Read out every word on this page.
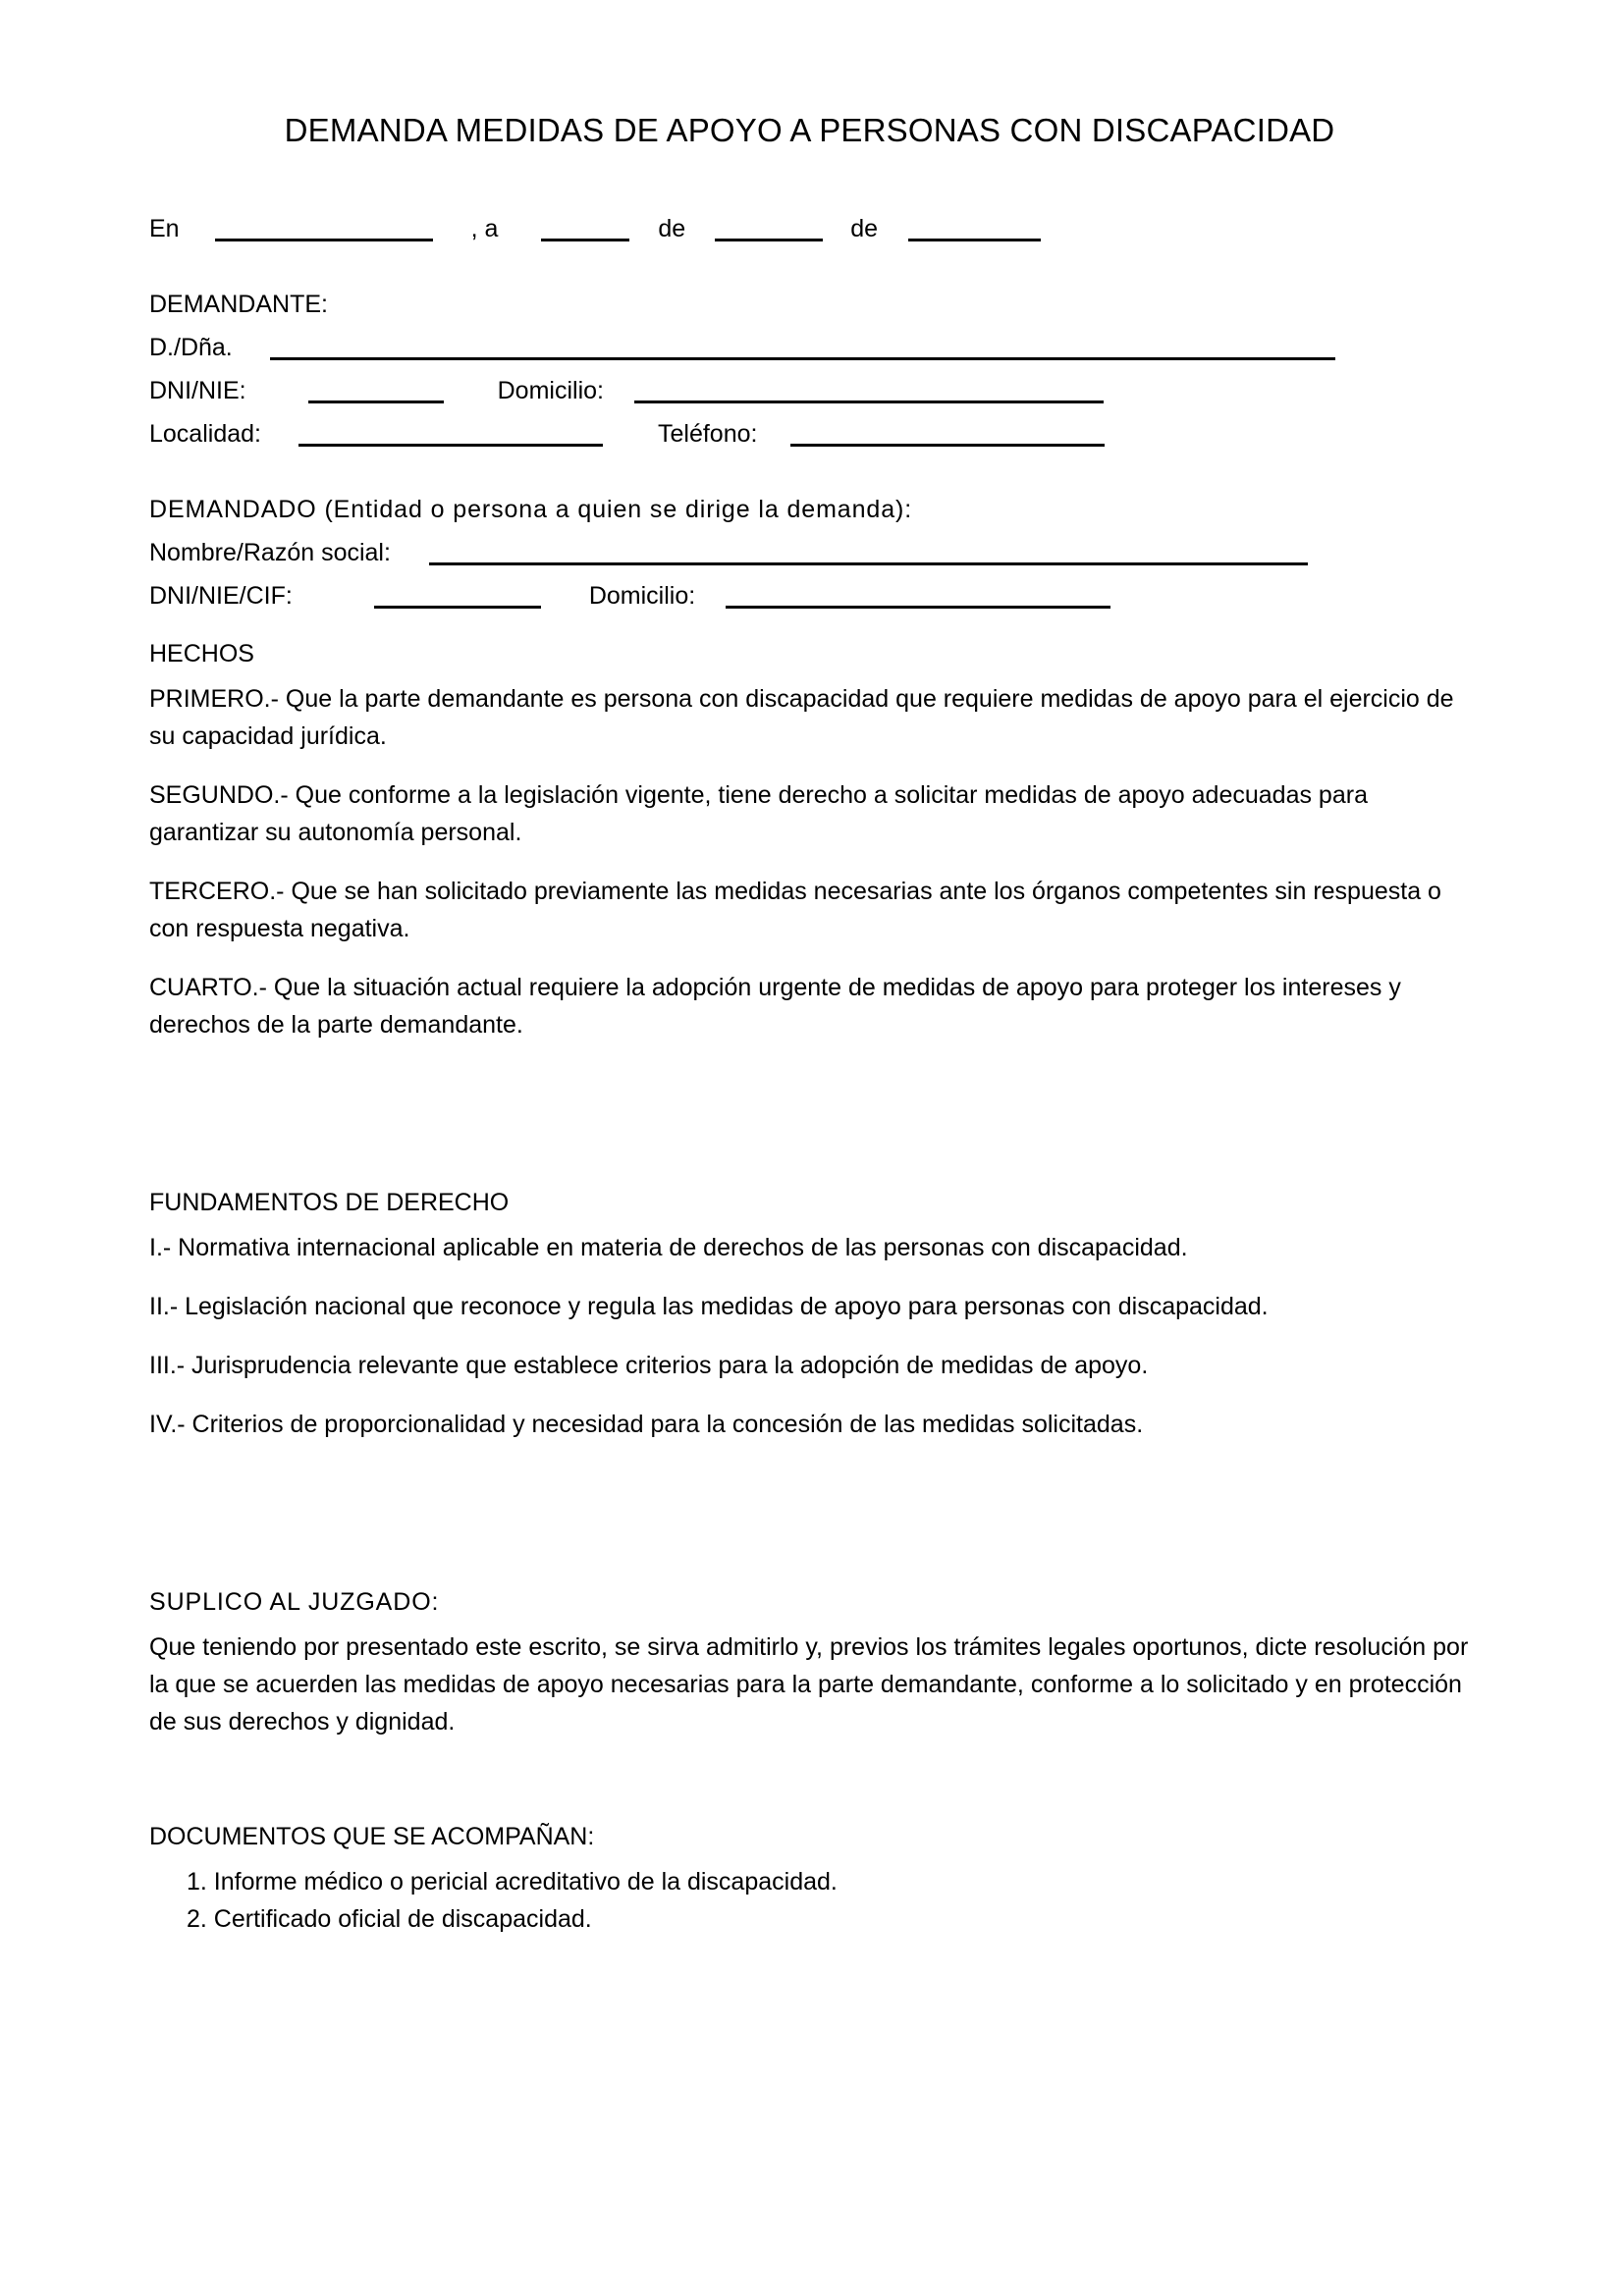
DEMANDA MEDIDAS DE APOYO A PERSONAS CON DISCAPACIDAD
En	, a	de	de
DEMANDANTE:
D./Dña.
DNI/NIE:	Domicilio:
Localidad:	Teléfono:
DEMANDADO (Entidad o persona a quien se dirige la demanda):
Nombre/Razón social:
DNI/NIE/CIF:	Domicilio:
HECHOS

PRIMERO.- Que la parte demandante es persona con discapacidad que requiere medidas de apoyo para el ejercicio de su capacidad jurídica.

SEGUNDO.- Que conforme a la legislación vigente, tiene derecho a solicitar medidas de apoyo adecuadas para garantizar su autonomía personal.

TERCERO.- Que se han solicitado previamente las medidas necesarias ante los órganos competentes sin respuesta o con respuesta negativa.

CUARTO.- Que la situación actual requiere la adopción urgente de medidas de apoyo para proteger los intereses y derechos de la parte demandante.

FUNDAMENTOS DE DERECHO

I.- Normativa internacional aplicable en materia de derechos de las personas con discapacidad.

II.- Legislación nacional que reconoce y regula las medidas de apoyo para personas con discapacidad.

III.- Jurisprudencia relevante que establece criterios para la adopción de medidas de apoyo.

IV.- Criterios de proporcionalidad y necesidad para la concesión de las medidas solicitadas.

SUPLICO AL JUZGADO:

Que teniendo por presentado este escrito, se sirva admitirlo y, previos los trámites legales oportunos, dicte resolución por la que se acuerden las medidas de apoyo necesarias para la parte demandante, conforme a lo solicitado y en protección de sus derechos y dignidad.

DOCUMENTOS QUE SE ACOMPAÑAN:
1. Informe médico o pericial acreditativo de la discapacidad.
2. Certificado oficial de discapacidad.
